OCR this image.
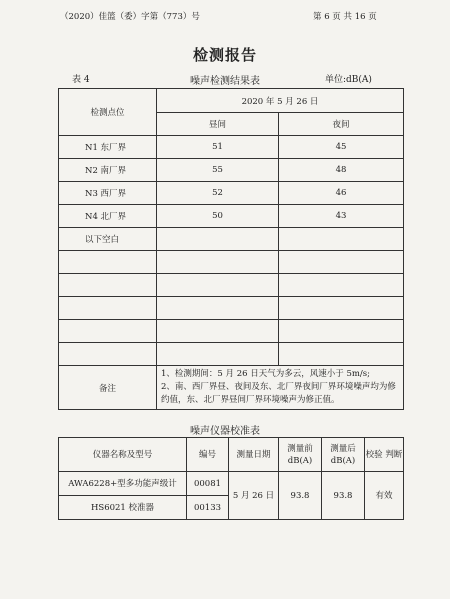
（2020）佳篮（委）字第（773）号	第 6 页 共 16 页
检测报告
表 4	噪声检测结果表	单位:dB(A)
检测点位	2020 年 5 月 26 日	
	昼间	夜间
N1 东厂界	51	45
N2 南厂界	55	48
N3 西厂界	52	46
N4 北厂界	50	43
以下空白		

备注	1、检测期间：5 月 26 日天气为多云，风速小于 5m/s;
2、南、西厂界昼、夜间及东、北厂界夜间厂界环境噪声均为修约值，东、北厂界昼间厂界环境噪声为修正值。	
噪声仪器校准表
仪器名称及型号	编号	测量日期	测量前 dB(A)	测量后 dB(A)	校验 判断
AWA6228+型多功能声级计	00081	5 月 26 日	93.8	93.8	有效
HS6021 校准器	00133				
